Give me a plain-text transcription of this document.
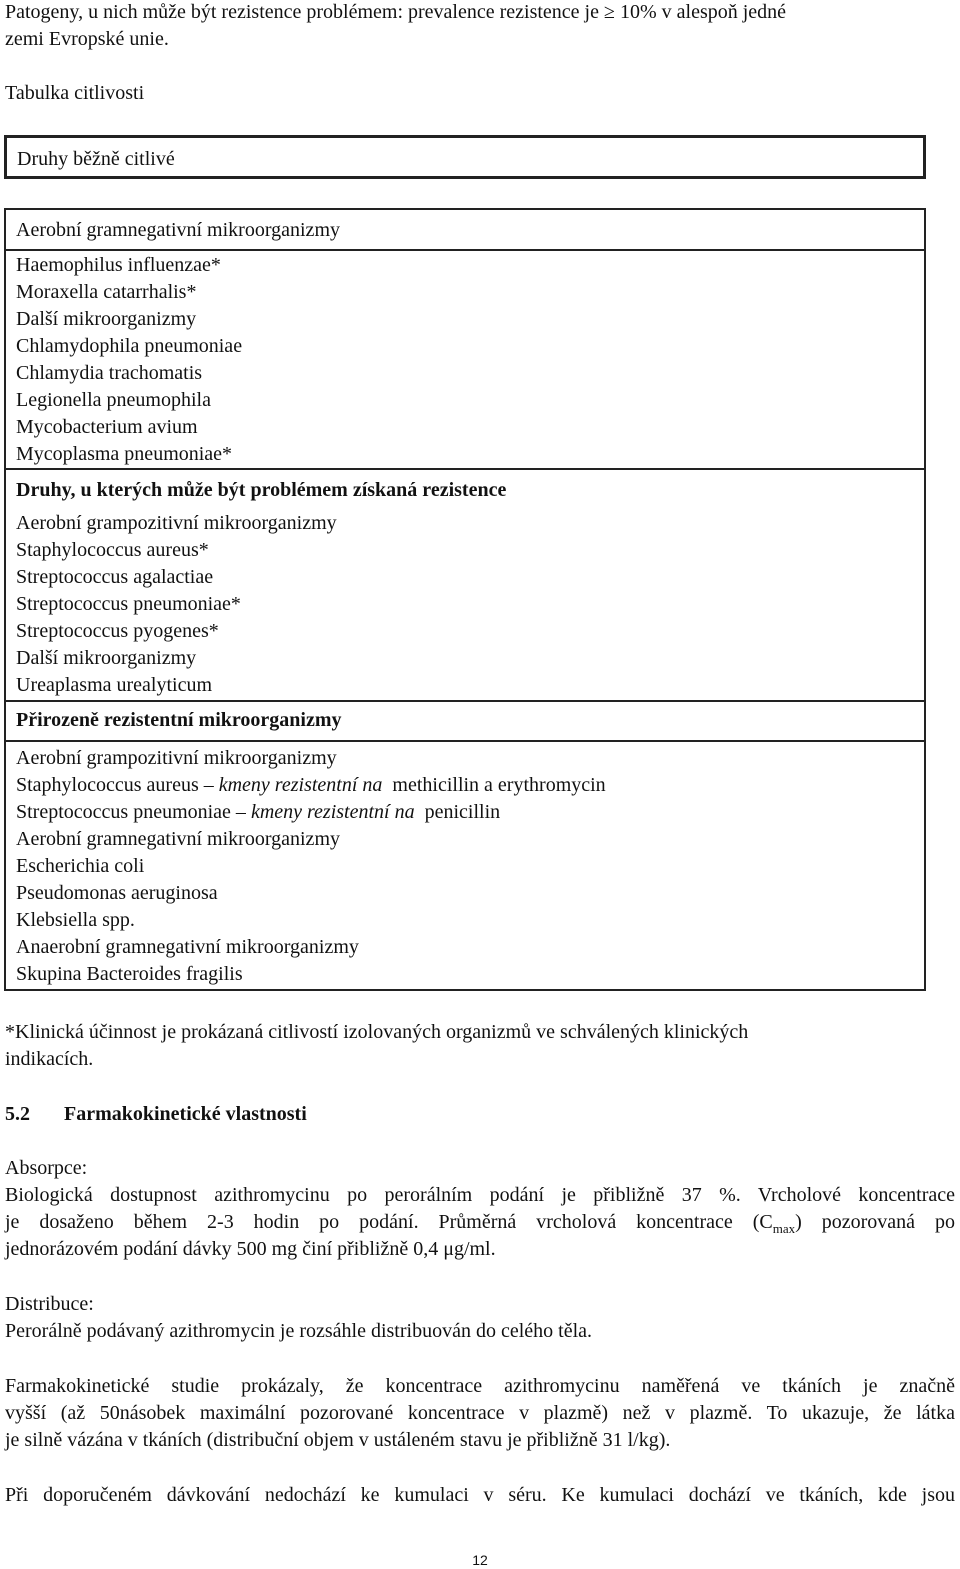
Patogeny, u nich může být rezistence problémem: prevalence rezistence je ≥ 10% v alespoň jedné
zemi Evropské unie.
Tabulka citlivosti
Druhy běžně citlivé
Aerobní gramnegativní mikroorganizmy
Haemophilus influenzae*
Moraxella catarrhalis*
Další mikroorganizmy
Chlamydophila pneumoniae
Chlamydia trachomatis
Legionella pneumophila
Mycobacterium avium
Mycoplasma pneumoniae*
Druhy, u kterých může být problémem získaná rezistence
Aerobní grampozitivní mikroorganizmy
Staphylococcus aureus*
Streptococcus agalactiae
Streptococcus pneumoniae*
Streptococcus pyogenes*
Další mikroorganizmy
Ureaplasma urealyticum
Přirozeně rezistentní mikroorganizmy
Aerobní grampozitivní mikroorganizmy
Staphylococcus aureus – kmeny rezistentní na  methicillin a erythromycin
Streptococcus pneumoniae – kmeny rezistentní na  penicillin
Aerobní gramnegativní mikroorganizmy
Escherichia coli
Pseudomonas aeruginosa
Klebsiella spp.
Anaerobní gramnegativní mikroorganizmy
Skupina Bacteroides fragilis
*Klinická účinnost je prokázaná citlivostí izolovaných organizmů ve schválených klinických
indikacích.
5.2 Farmakokinetické vlastnosti
Absorpce:
Biologická dostupnost azithromycinu po perorálním podání je přibližně 37 %. Vrcholové koncentrace
je dosaženo během 2-3 hodin po podání. Průměrná vrcholová koncentrace $(C_{max})$ pozorovaná po
jednorázovém podání dávky 500 mg činí přibližně 0,4 μg/ml.
Distribuce:
Perorálně podávaný azithromycin je rozsáhle distribuován do celého těla.
Farmakokinetické studie prokázaly, že koncentrace azithromycinu naměřená ve tkáních je značně
vyšší (až 50násobek maximální pozorované koncentrace v plazmě) než v plazmě. To ukazuje, že látka
je silně vázána v tkáních (distribuční objem v ustáleném stavu je přibližně 31 l/kg).
Při doporučeném dávkování nedochází ke kumulaci v séru. Ke kumulaci dochází ve tkáních, kde jsou
12
